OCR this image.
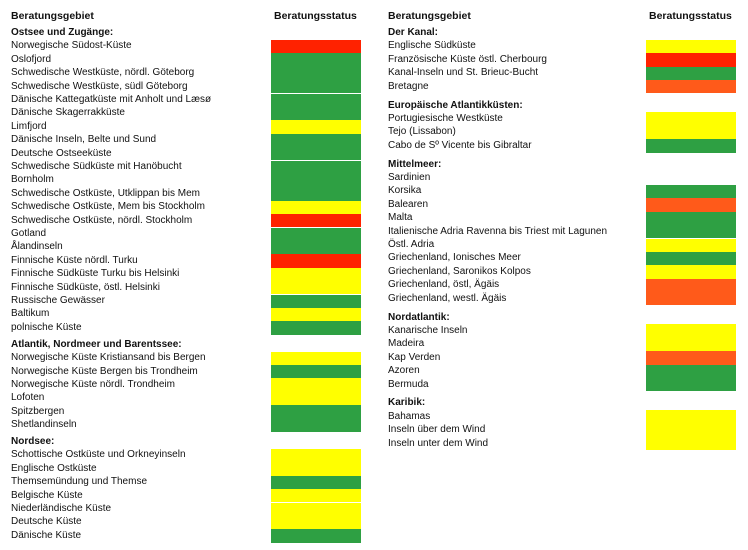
Beratungsgebiet	Beratungsstatus	Beratungsgebiet	Beratungsstatus
Ostsee und Zugänge:
Norwegische Südost-Küste
Oslofjord
Schwedische Westküste, nördl. Göteborg
Schwedische Westküste, südl Göteborg
Dänische Kattegatküste mit Anholt und Læsø
Dänische Skagerrakküste
Limfjord
Dänische Inseln, Belte und Sund
Deutsche Ostseeküste
Schwedische Südküste mit Hanöbucht
Bornholm
Schwedische Ostküste, Utklippan bis Mem
Schwedische Ostküste, Mem bis Stockholm
Schwedische Ostküste, nördl. Stockholm
Gotland
Ålandinseln
Finnische Küste nördl. Turku
Finnische Südküste Turku bis Helsinki
Finnische Südküste, östl. Helsinki
Russische Gewässer
Baltikum
polnische Küste
Atlantik, Nordmeer und Barentssee:
Norwegische Küste Kristiansand bis Bergen
Norwegische Küste Bergen bis Trondheim
Norwegische Küste nördl. Trondheim
Lofoten
Spitzbergen
Shetlandinseln
Nordsee:
Schottische Ostküste und Orkneyinseln
Englische Ostküste
Themsemündung und Themse
Belgische Küste
Niederländische Küste
Deutsche Küste
Dänische Küste
Der Kanal:
Englische Südküste
Französische Küste östl. Cherbourg
Kanal-Inseln und St. Brieuc-Bucht
Bretagne
Europäische Atlantikküsten:
Portugiesische Westküste
Tejo (Lissabon)
Cabo de Sº Vicente bis Gibraltar
Mittelmeer:
Sardinien
Korsika
Balearen
Malta
Italienische Adria Ravenna bis Triest mit Lagunen
Östl. Adria
Griechenland, Ionisches Meer
Griechenland, Saronikos Kolpos
Griechenland, östl, Ägäis
Griechenland, westl. Ägäis
Nordatlantik:
Kanarische Inseln
Madeira
Kap Verden
Azoren
Bermuda
Karibik:
Bahamas
Inseln über dem Wind
Inseln unter dem Wind
